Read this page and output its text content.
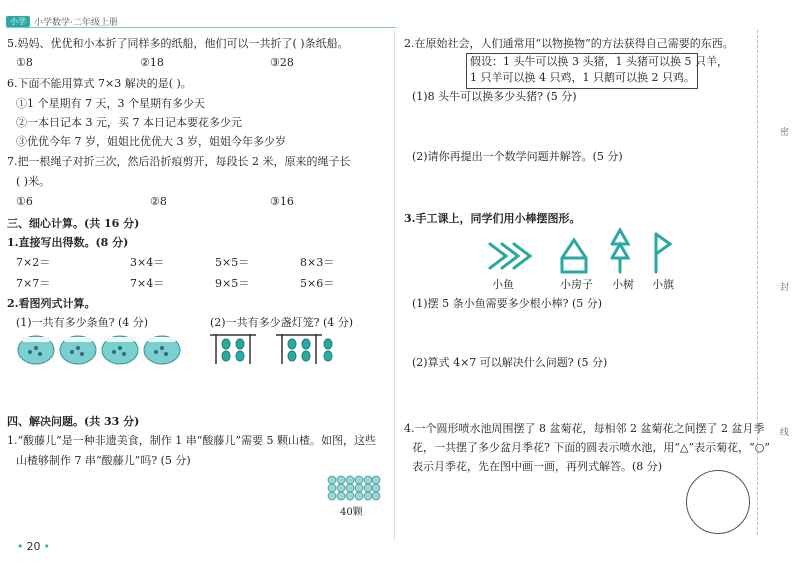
小学 小学数学·二年级上册
5.妈妈、优优和小本折了同样多的纸船，他们可以一共折了( )条纸船。
①8	②18	③28
6.下面不能用算式 7×3 解决的是( )。
①1 个星期有 7 天，3 个星期有多少天
②一本日记本 3 元，买 7 本日记本要花多少元
③优优今年 7 岁，姐姐比优优大 3 岁，姐姐今年多少岁
7.把一根绳子对折三次，然后沿折痕剪开，每段长 2 米，原来的绳子长
( )米。
①6	②8	③16
三、细心计算。(共 16 分)
1.直接写出得数。(8 分)
7×2＝	3×4＝	5×5＝	8×3＝
7×7＝	7×4＝	9×5＝	5×6＝
2.看图列式计算。
(1)一共有多少条鱼? (4 分)	(2)一共有多少盏灯笼? (4 分)
四、解决问题。(共 33 分)
1.“酸藤儿”是一种非遗美食，制作 1 串“酸藤儿”需要 5 颗山楂。如图，这些
山楂够制作 7 串“酸藤儿”吗? (5 分)
40颗
2.在原始社会，人们通常用“以物换物”的方法获得自己需要的东西。
假设：1 头牛可以换 3 头猪，1 头猪可以换 5 只羊，
1 只羊可以换 4 只鸡，1 只鹅可以换 2 只鸡。
(1)8 头牛可以换多少头猪? (5 分)
(2)请你再提出一个数学问题并解答。(5 分)
3.手工课上，同学们用小棒摆图形。
小鱼	小房子 小树 小旗
(1)摆 5 条小鱼需要多少根小棒? (5 分)
(2)算式 4×7 可以解决什么问题? (5 分)
4.一个圆形喷水池周围摆了 8 盆菊花，每相邻 2 盆菊花之间摆了 2 盆月季
花，一共摆了多少盆月季花? 下面的圆表示喷水池，用“△”表示菊花，“○”
表示月季花，先在图中画一画，再列式解答。(8 分)
密
封
线
• 20 •
